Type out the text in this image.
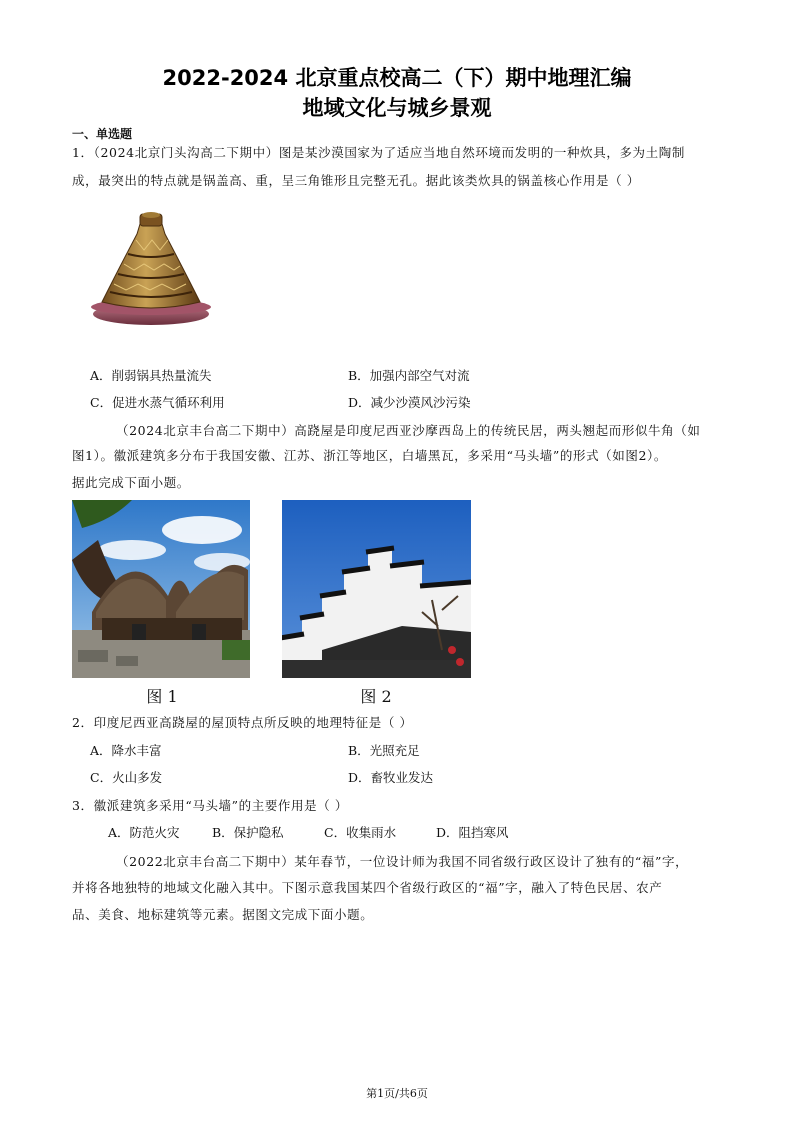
2022-2024 北京重点校高二（下）期中地理汇编
地域文化与城乡景观
一、单选题
1．（2024北京门头沟高二下期中）图是某沙漠国家为了适应当地自然环境而发明的一种炊具，多为土陶制
成，最突出的特点就是锅盖高、重，呈三角锥形且完整无孔。据此该类炊具的锅盖核心作用是（ ）
A．削弱锅具热量流失	B．加强内部空气对流
C．促进水蒸气循环利用	D．减少沙漠风沙污染
（2024北京丰台高二下期中）高跷屋是印度尼西亚沙摩西岛上的传统民居，两头翘起而形似牛角（如
图1）。徽派建筑多分布于我国安徽、江苏、浙江等地区，白墙黑瓦，多采用“马头墙”的形式（如图2）。
据此完成下面小题。
图 1	图 2
2．印度尼西亚高跷屋的屋顶特点所反映的地理特征是（ ）
A．降水丰富	B．光照充足
C．火山多发	D．畜牧业发达
3．徽派建筑多采用“马头墙”的主要作用是（ ）
A．防范火灾	B．保护隐私	C．收集雨水	D．阻挡寒风
（2022北京丰台高二下期中）某年春节，一位设计师为我国不同省级行政区设计了独有的“福”字，
并将各地独特的地域文化融入其中。下图示意我国某四个省级行政区的“福”字，融入了特色民居、农产
品、美食、地标建筑等元素。据图文完成下面小题。
第1页/共6页
